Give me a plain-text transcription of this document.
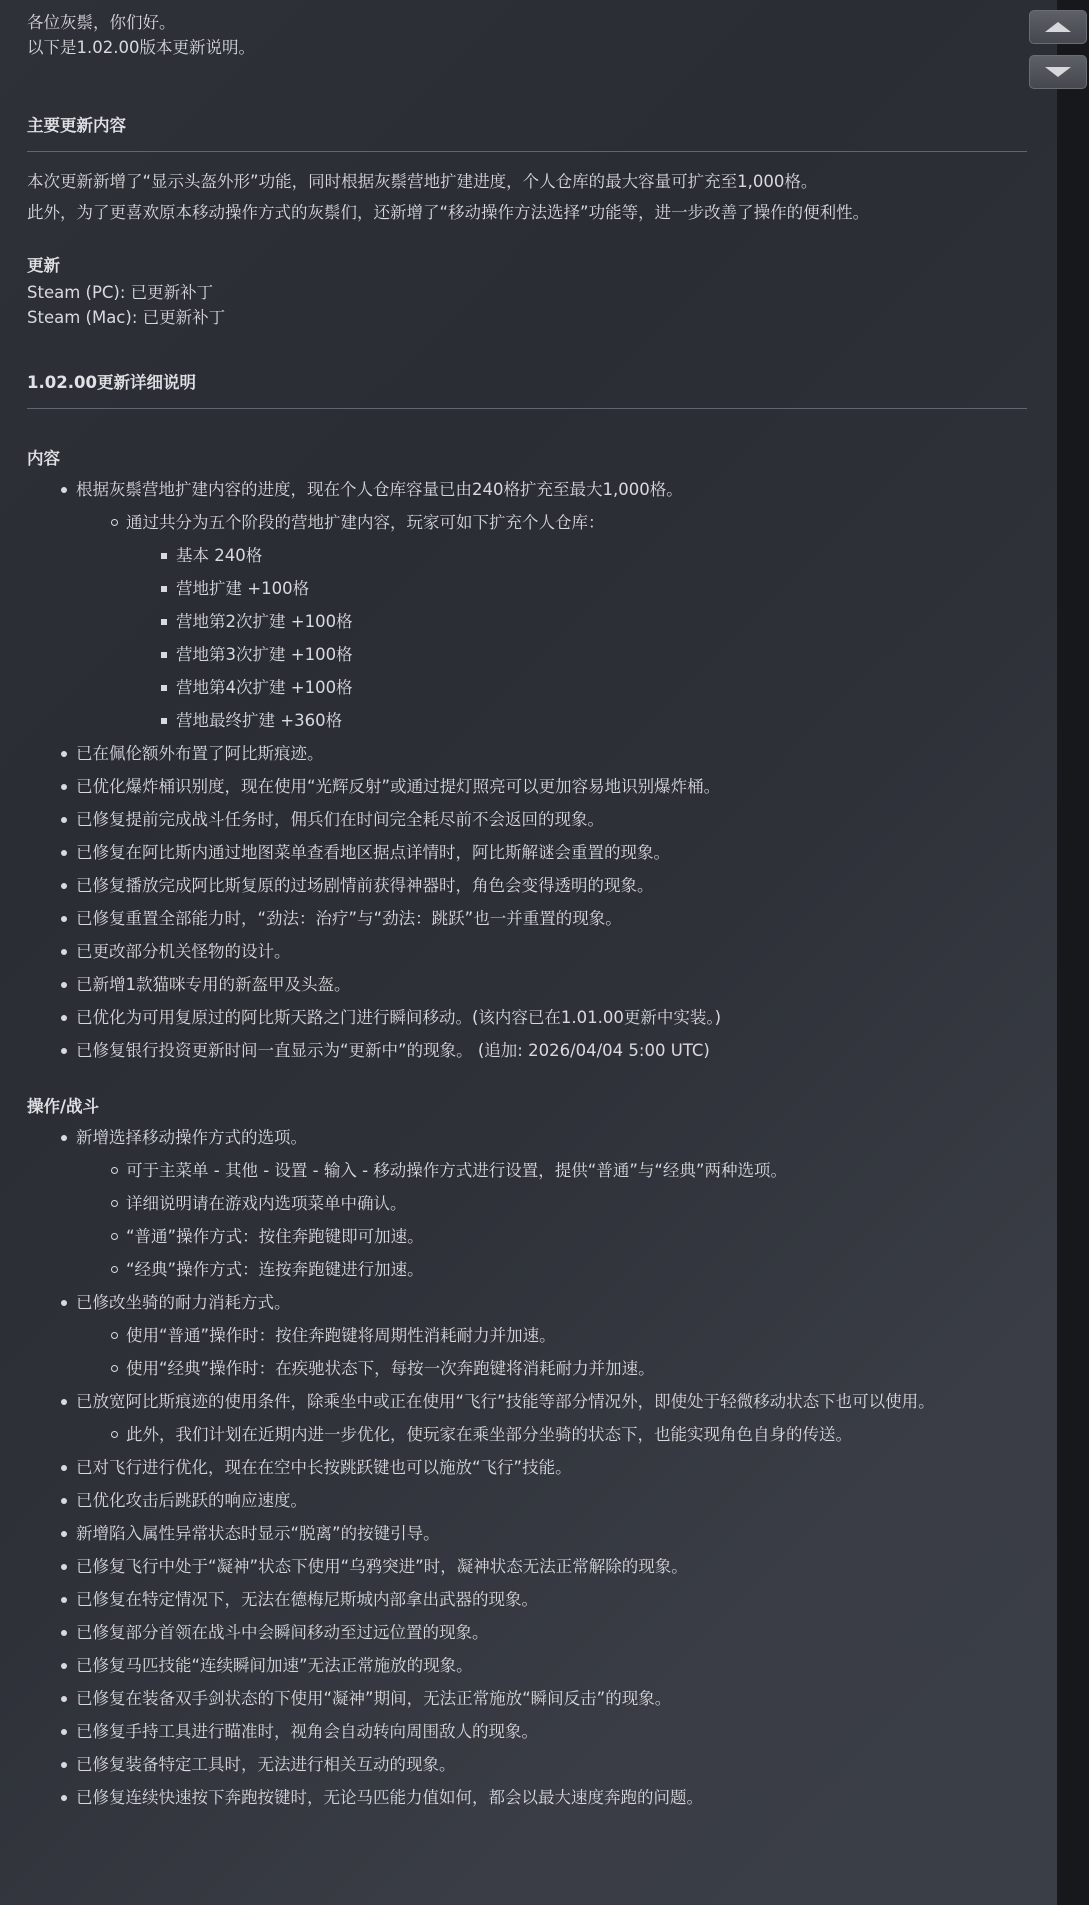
各位灰鬃，你们好。
以下是1.02.00版本更新说明。
主要更新内容
本次更新新增了“显示头盔外形”功能，同时根据灰鬃营地扩建进度，个人仓库的最大容量可扩充至1,000格。
此外，为了更喜欢原本移动操作方式的灰鬃们，还新增了“移动操作方法选择”功能等，进一步改善了操作的便利性。
更新
Steam (PC): 已更新补丁
Steam (Mac): 已更新补丁
1.02.00更新详细说明
内容
根据灰鬃营地扩建内容的进度，现在个人仓库容量已由240格扩充至最大1,000格。
通过共分为五个阶段的营地扩建内容，玩家可如下扩充个人仓库：
基本 240格
营地扩建 +100格
营地第2次扩建 +100格
营地第3次扩建 +100格
营地第4次扩建 +100格
营地最终扩建 +360格
已在佩伦额外布置了阿比斯痕迹。
已优化爆炸桶识别度，现在使用“光辉反射”或通过提灯照亮可以更加容易地识别爆炸桶。
已修复提前完成战斗任务时，佣兵们在时间完全耗尽前不会返回的现象。
已修复在阿比斯内通过地图菜单查看地区据点详情时，阿比斯解谜会重置的现象。
已修复播放完成阿比斯复原的过场剧情前获得神器时，角色会变得透明的现象。
已修复重置全部能力时，“劲法：治疗”与“劲法：跳跃”也一并重置的现象。
已更改部分机关怪物的设计。
已新增1款猫咪专用的新盔甲及头盔。
已优化为可用复原过的阿比斯天路之门进行瞬间移动。(该内容已在1.01.00更新中实装。)
已修复银行投资更新时间一直显示为“更新中”的现象。 (追加: 2026/04/04 5:00 UTC)
操作/战斗
新增选择移动操作方式的选项。
可于主菜单 - 其他 - 设置 - 输入 - 移动操作方式进行设置，提供“普通”与“经典”两种选项。
详细说明请在游戏内选项菜单中确认。
“普通”操作方式：按住奔跑键即可加速。
“经典”操作方式：连按奔跑键进行加速。
已修改坐骑的耐力消耗方式。
使用“普通”操作时：按住奔跑键将周期性消耗耐力并加速。
使用“经典”操作时：在疾驰状态下，每按一次奔跑键将消耗耐力并加速。
已放宽阿比斯痕迹的使用条件，除乘坐中或正在使用“飞行”技能等部分情况外，即使处于轻微移动状态下也可以使用。
此外，我们计划在近期内进一步优化，使玩家在乘坐部分坐骑的状态下，也能实现角色自身的传送。
已对飞行进行优化，现在在空中长按跳跃键也可以施放“飞行”技能。
已优化攻击后跳跃的响应速度。
新增陷入属性异常状态时显示“脱离”的按键引导。
已修复飞行中处于“凝神”状态下使用“乌鸦突进”时，凝神状态无法正常解除的现象。
已修复在特定情况下，无法在德梅尼斯城内部拿出武器的现象。
已修复部分首领在战斗中会瞬间移动至过远位置的现象。
已修复马匹技能“连续瞬间加速”无法正常施放的现象。
已修复在装备双手剑状态的下使用“凝神”期间，无法正常施放“瞬间反击”的现象。
已修复手持工具进行瞄准时，视角会自动转向周围敌人的现象。
已修复装备特定工具时，无法进行相关互动的现象。
已修复连续快速按下奔跑按键时，无论马匹能力值如何，都会以最大速度奔跑的问题。
